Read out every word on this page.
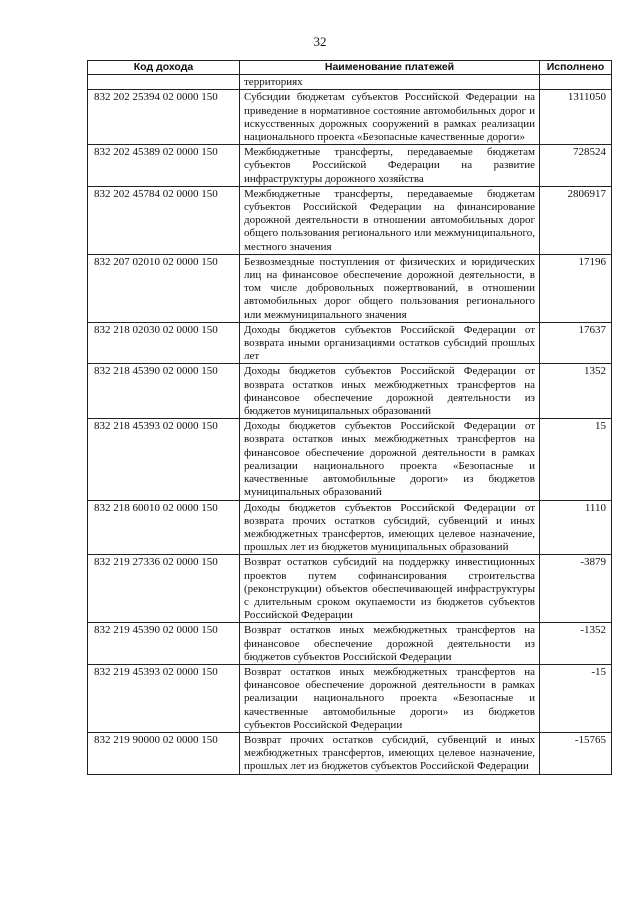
32
Код дохода	Наименование платежей	Исполнено
	территориях	
832 202 25394 02 0000 150	Субсидии бюджетам субъектов Российской Федерации на приведение в нормативное состояние автомобильных дорог и искусственных дорожных сооружений в рамках реализации национального проекта «Безопасные качественные дороги»	1311050
832 202 45389 02 0000 150	Межбюджетные трансферты, передаваемые бюджетам субъектов Российской Федерации на развитие инфраструктуры дорожного хозяйства	728524
832 202 45784 02 0000 150	Межбюджетные трансферты, передаваемые бюджетам субъектов Российской Федерации на финансирование дорожной деятельности в отношении автомобильных дорог общего пользования регионального или межмуниципального, местного значения	2806917
832 207 02010 02 0000 150	Безвозмездные поступления от физических и юридических лиц на финансовое обеспечение дорожной деятельности, в том числе добровольных пожертвований, в отношении автомобильных дорог общего пользования регионального или межмуниципального значения	17196
832 218 02030 02 0000 150	Доходы бюджетов субъектов Российской Федерации от возврата иными организациями остатков субсидий прошлых лет	17637
832 218 45390 02 0000 150	Доходы бюджетов субъектов Российской Федерации от возврата остатков иных межбюджетных трансфертов на финансовое обеспечение дорожной деятельности из бюджетов муниципальных образований	1352
832 218 45393 02 0000 150	Доходы бюджетов субъектов Российской Федерации от возврата остатков иных межбюджетных трансфертов на финансовое обеспечение дорожной деятельности в рамках реализации национального проекта «Безопасные и качественные автомобильные дороги» из бюджетов муниципальных образований	15
832 218 60010 02 0000 150	Доходы бюджетов субъектов Российской Федерации от возврата прочих остатков субсидий, субвенций и иных межбюджетных трансфертов, имеющих целевое назначение, прошлых лет из бюджетов муниципальных образований	1110
832 219 27336 02 0000 150	Возврат остатков субсидий на поддержку инвестиционных проектов путем софинансирования строительства (реконструкции) объектов обеспечивающей инфраструктуры с длительным сроком окупаемости из бюджетов субъектов Российской Федерации	-3879
832 219 45390 02 0000 150	Возврат остатков иных межбюджетных трансфертов на финансовое обеспечение дорожной деятельности из бюджетов субъектов Российской Федерации	-1352
832 219 45393 02 0000 150	Возврат остатков иных межбюджетных трансфертов на финансовое обеспечение дорожной деятельности в рамках реализации национального проекта «Безопасные и качественные автомобильные дороги» из бюджетов субъектов Российской Федерации	-15
832 219 90000 02 0000 150	Возврат прочих остатков субсидий, субвенций и иных межбюджетных трансфертов, имеющих целевое назначение, прошлых лет из бюджетов субъектов Российской Федерации	-15765
